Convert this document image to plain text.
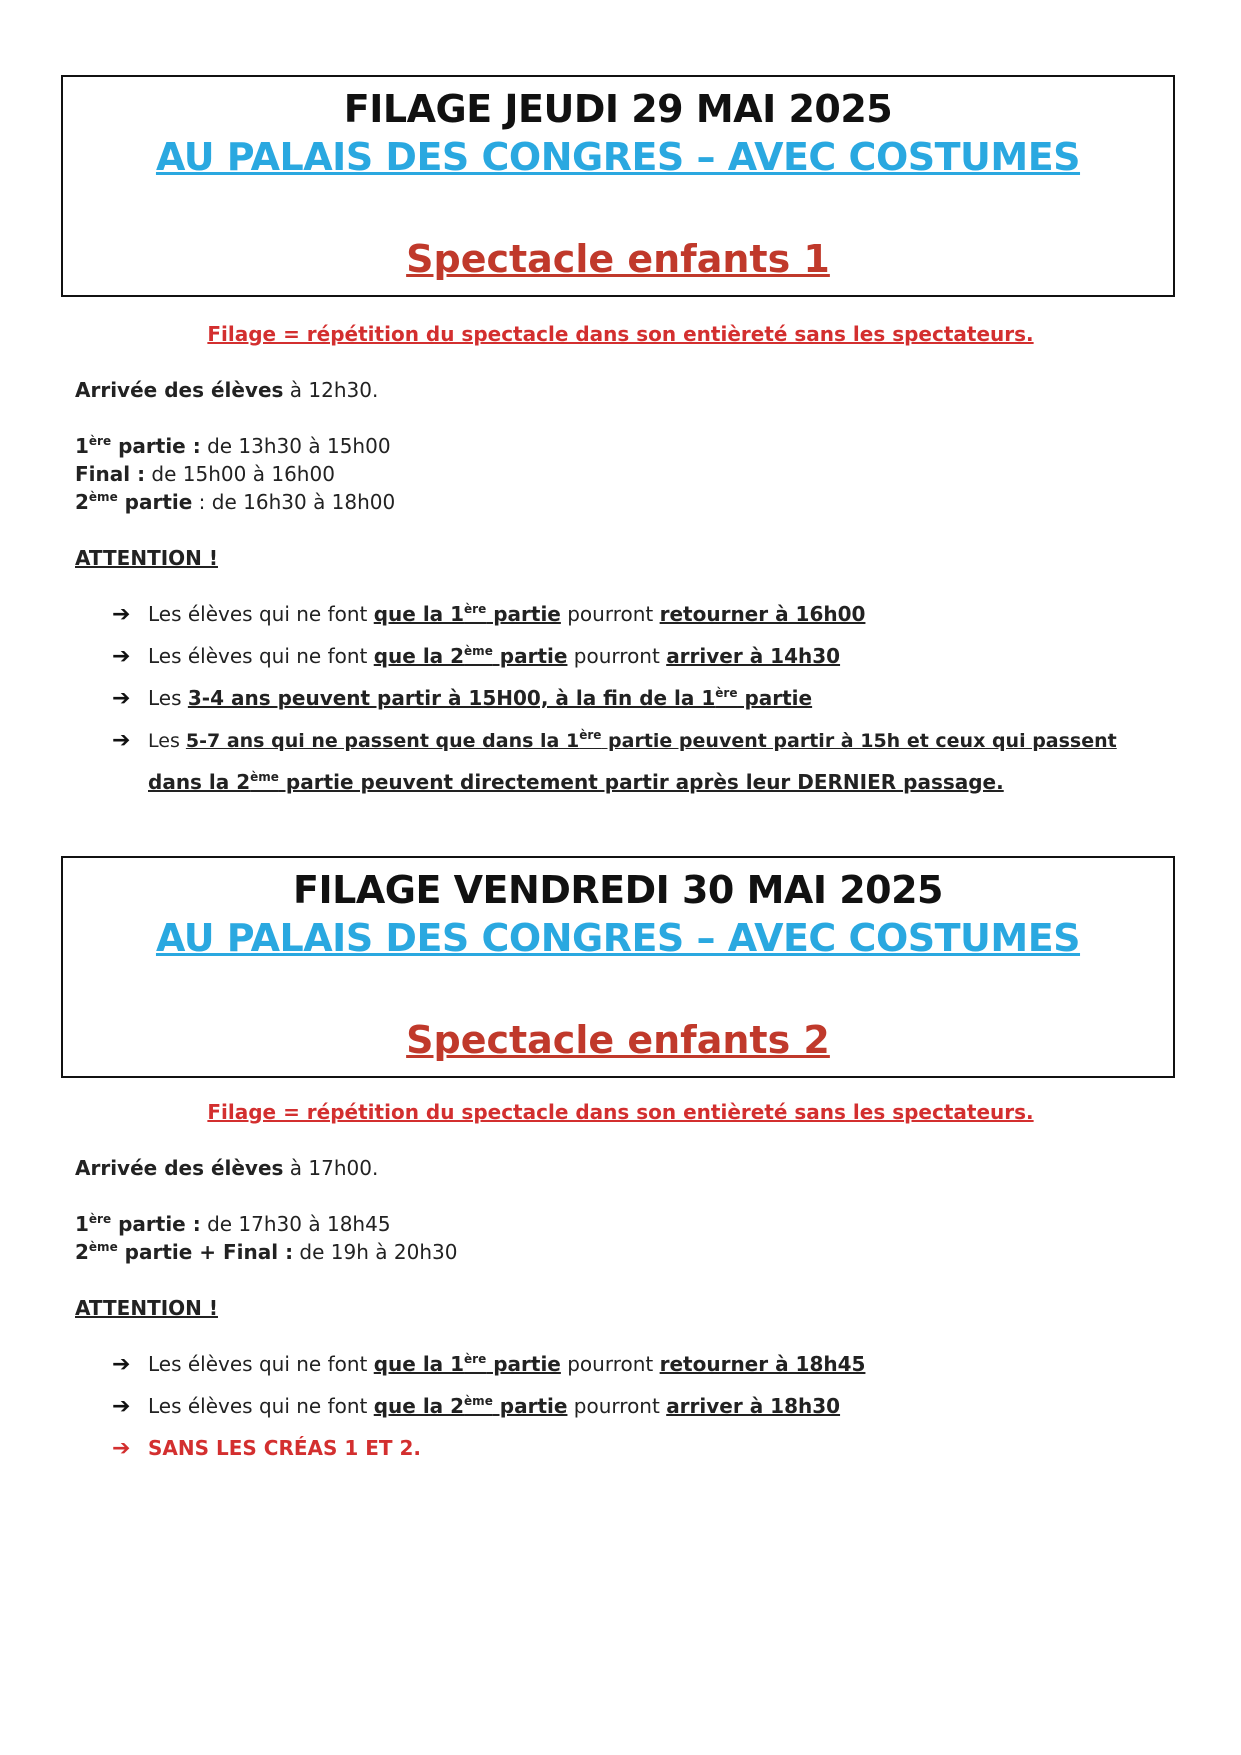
FILAGE JEUDI 29 MAI 2025
AU PALAIS DES CONGRES – AVEC COSTUMES
Spectacle enfants 1
Filage = répétition du spectacle dans son entièreté sans les spectateurs.
Arrivée des élèves à 12h30.
1ère partie : de 13h30 à 15h00
Final : de 15h00 à 16h00
2ème partie : de 16h30 à 18h00
ATTENTION !
➔ Les élèves qui ne font que la 1ère partie pourront retourner à 16h00
➔ Les élèves qui ne font que la 2ème partie pourront arriver à 14h30
➔ Les 3-4 ans peuvent partir à 15H00, à la fin de la 1ère partie
➔ Les 5-7 ans qui ne passent que dans la 1ère partie peuvent partir à 15h et ceux qui passent
dans la 2ème partie peuvent directement partir après leur DERNIER passage.
FILAGE VENDREDI 30 MAI 2025
AU PALAIS DES CONGRES – AVEC COSTUMES
Spectacle enfants 2
Filage = répétition du spectacle dans son entièreté sans les spectateurs.
Arrivée des élèves à 17h00.
1ère partie : de 17h30 à 18h45
2ème partie + Final : de 19h à 20h30
ATTENTION !
➔ Les élèves qui ne font que la 1ère partie pourront retourner à 18h45
➔ Les élèves qui ne font que la 2ème partie pourront arriver à 18h30
➔ SANS LES CRÉAS 1 ET 2.
